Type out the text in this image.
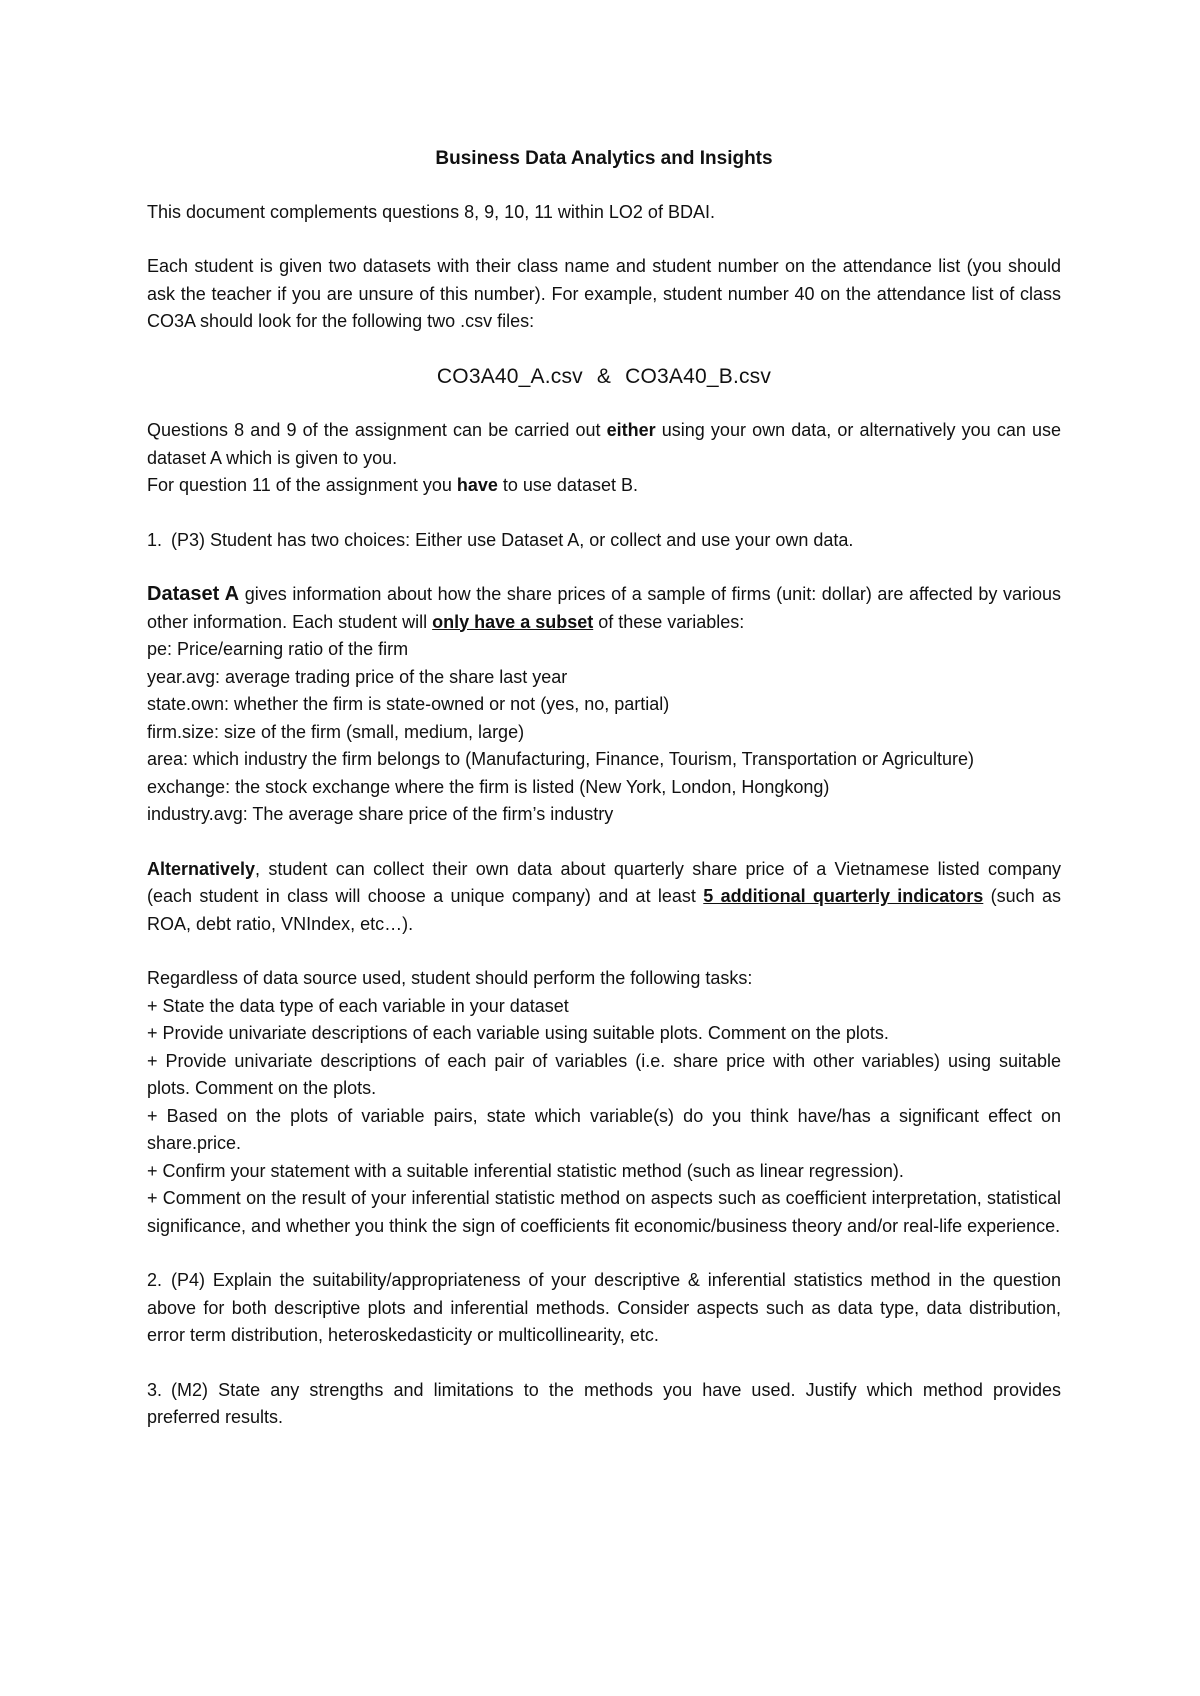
Business Data Analytics and Insights

This document complements questions 8, 9, 10, 11 within LO2 of BDAI.

Each student is given two datasets with their class name and student number on the attendance list (you should ask the teacher if you are unsure of this number). For example, student number 40 on the attendance list of class CO3A should look for the following two .csv files:

CO3A40_A.csv & CO3A40_B.csv

Questions 8 and 9 of the assignment can be carried out either using your own data, or alternatively you can use dataset A which is given to you.

For question 11 of the assignment you have to use dataset B.

1. (P3) Student has two choices: Either use Dataset A, or collect and use your own data.

Dataset A gives information about how the share prices of a sample of firms (unit: dollar) are affected by various other information. Each student will only have a subset of these variables:

pe: Price/earning ratio of the firm

year.avg: average trading price of the share last year

state.own: whether the firm is state-owned or not (yes, no, partial)

firm.size: size of the firm (small, medium, large)

area: which industry the firm belongs to (Manufacturing, Finance, Tourism, Transportation or Agriculture)

exchange: the stock exchange where the firm is listed (New York, London, Hongkong)

industry.avg: The average share price of the firm’s industry

Alternatively, student can collect their own data about quarterly share price of a Vietnamese listed company (each student in class will choose a unique company) and at least 5 additional quarterly indicators (such as ROA, debt ratio, VNIndex, etc…).

Regardless of data source used, student should perform the following tasks:

+ State the data type of each variable in your dataset

+ Provide univariate descriptions of each variable using suitable plots. Comment on the plots.

+ Provide univariate descriptions of each pair of variables (i.e. share price with other variables) using suitable plots. Comment on the plots.

+ Based on the plots of variable pairs, state which variable(s) do you think have/has a significant effect on share.price.

+ Confirm your statement with a suitable inferential statistic method (such as linear regression).

+ Comment on the result of your inferential statistic method on aspects such as coefficient interpretation, statistical significance, and whether you think the sign of coefficients fit economic/business theory and/or real-life experience.

2. (P4) Explain the suitability/appropriateness of your descriptive & inferential statistics method in the question above for both descriptive plots and inferential methods. Consider aspects such as data type, data distribution, error term distribution, heteroskedasticity or multicollinearity, etc.

3. (M2) State any strengths and limitations to the methods you have used. Justify which method provides preferred results.
